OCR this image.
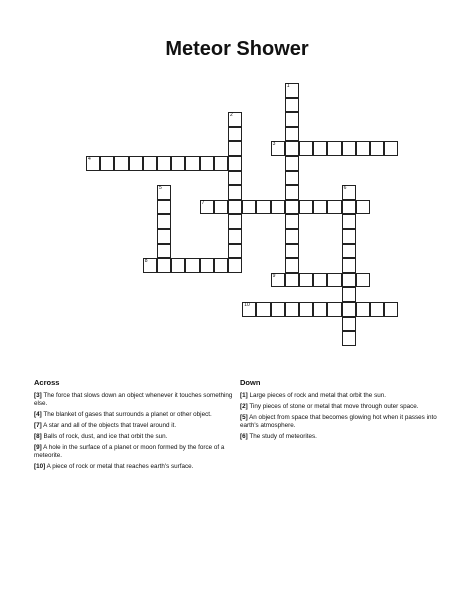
Meteor Shower
1
2
3
4
5	6
7
8
9
10
Across	Down
[3] The force that slows down an object whenever it touches something else.
[4] The blanket of gases that surrounds a planet or other object.
[7] A star and all of the objects that travel around it.
[8] Balls of rock, dust, and ice that orbit the sun.
[9] A hole in the surface of a planet or moon formed by the force of a meteorite.
[10] A piece of rock or metal that reaches earth's surface.
[1] Large pieces of rock and metal that orbit the sun.
[2] Tiny pieces of stone or metal that move through outer space.
[5] An object from space that becomes glowing hot when it passes into earth's atmosphere.
[6] The study of meteorites.
